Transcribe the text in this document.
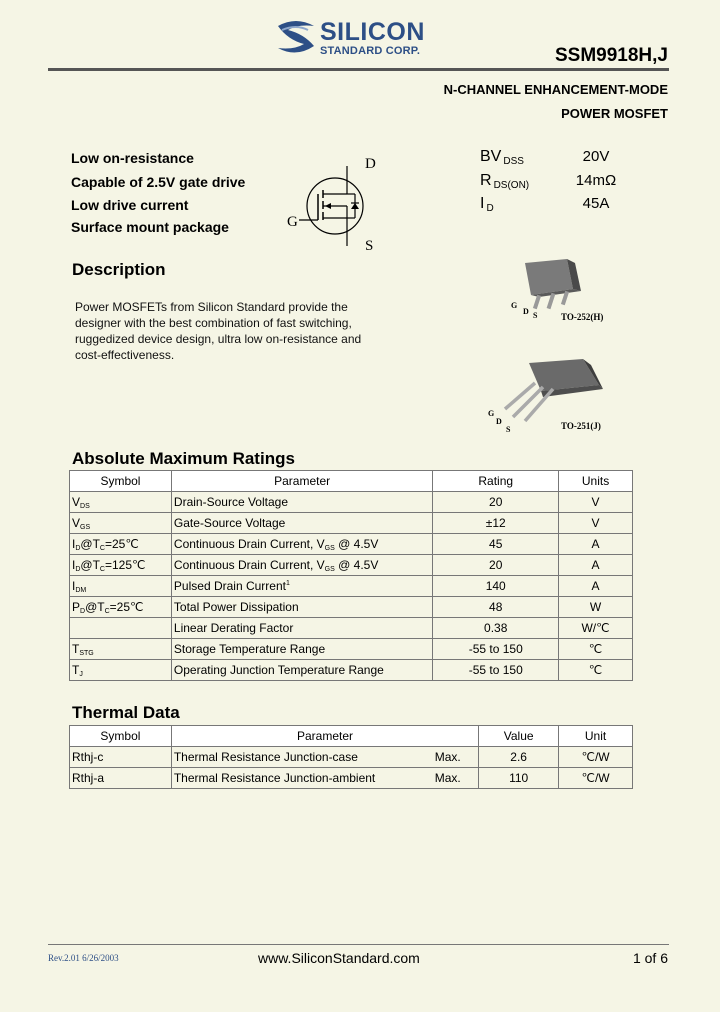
SILICON
STANDARD CORP.	SSM9918H,J
N-CHANNEL ENHANCEMENT-MODE
POWER MOSFET
Low on-resistance
Capable of 2.5V gate drive
Low drive current
Surface mount package
D
G
S
BV $_{DSS}$	20V
R $_{DS(ON)}$	14mΩ
I $_D$	45A
Description
Power MOSFETs from Silicon Standard provide the designer with the best combination of fast switching, ruggedized device design, ultra low on-resistance and cost-effectiveness.
G
D S	TO-252(H)
G
D
S	TO-251(J)
Absolute Maximum Ratings
Symbol	Parameter	Rating	Units
$V_{DS}$	Drain-Source Voltage	20	V
$V_{GS}$	Gate-Source Voltage	±12	V
$I_D@T_C=25℃$	Continuous Drain Current, $V_{GS}$ @ 4.5V	45	A
$I_D@T_C=125℃$	Continuous Drain Current, $V_{GS}$ @ 4.5V	20	A
$I_{DM}$	Pulsed Drain Current$^1$	140	A
$P_D@T_C=25℃$	Total Power Dissipation	48	W
	Linear Derating Factor	0.38	W/℃
$T_{STG}$	Storage Temperature Range	-55 to 150	℃
$T_J$	Operating Junction Temperature Range	-55 to 150	℃
Thermal Data
Symbol	Parameter		Value	Unit
Rthj-c	Thermal Resistance Junction-case	Max.	2.6	℃/W
Rthj-a	Thermal Resistance Junction-ambient	Max.	110	℃/W
Rev.2.01 6/26/2003	www.SiliconStandard.com	1 of 6
